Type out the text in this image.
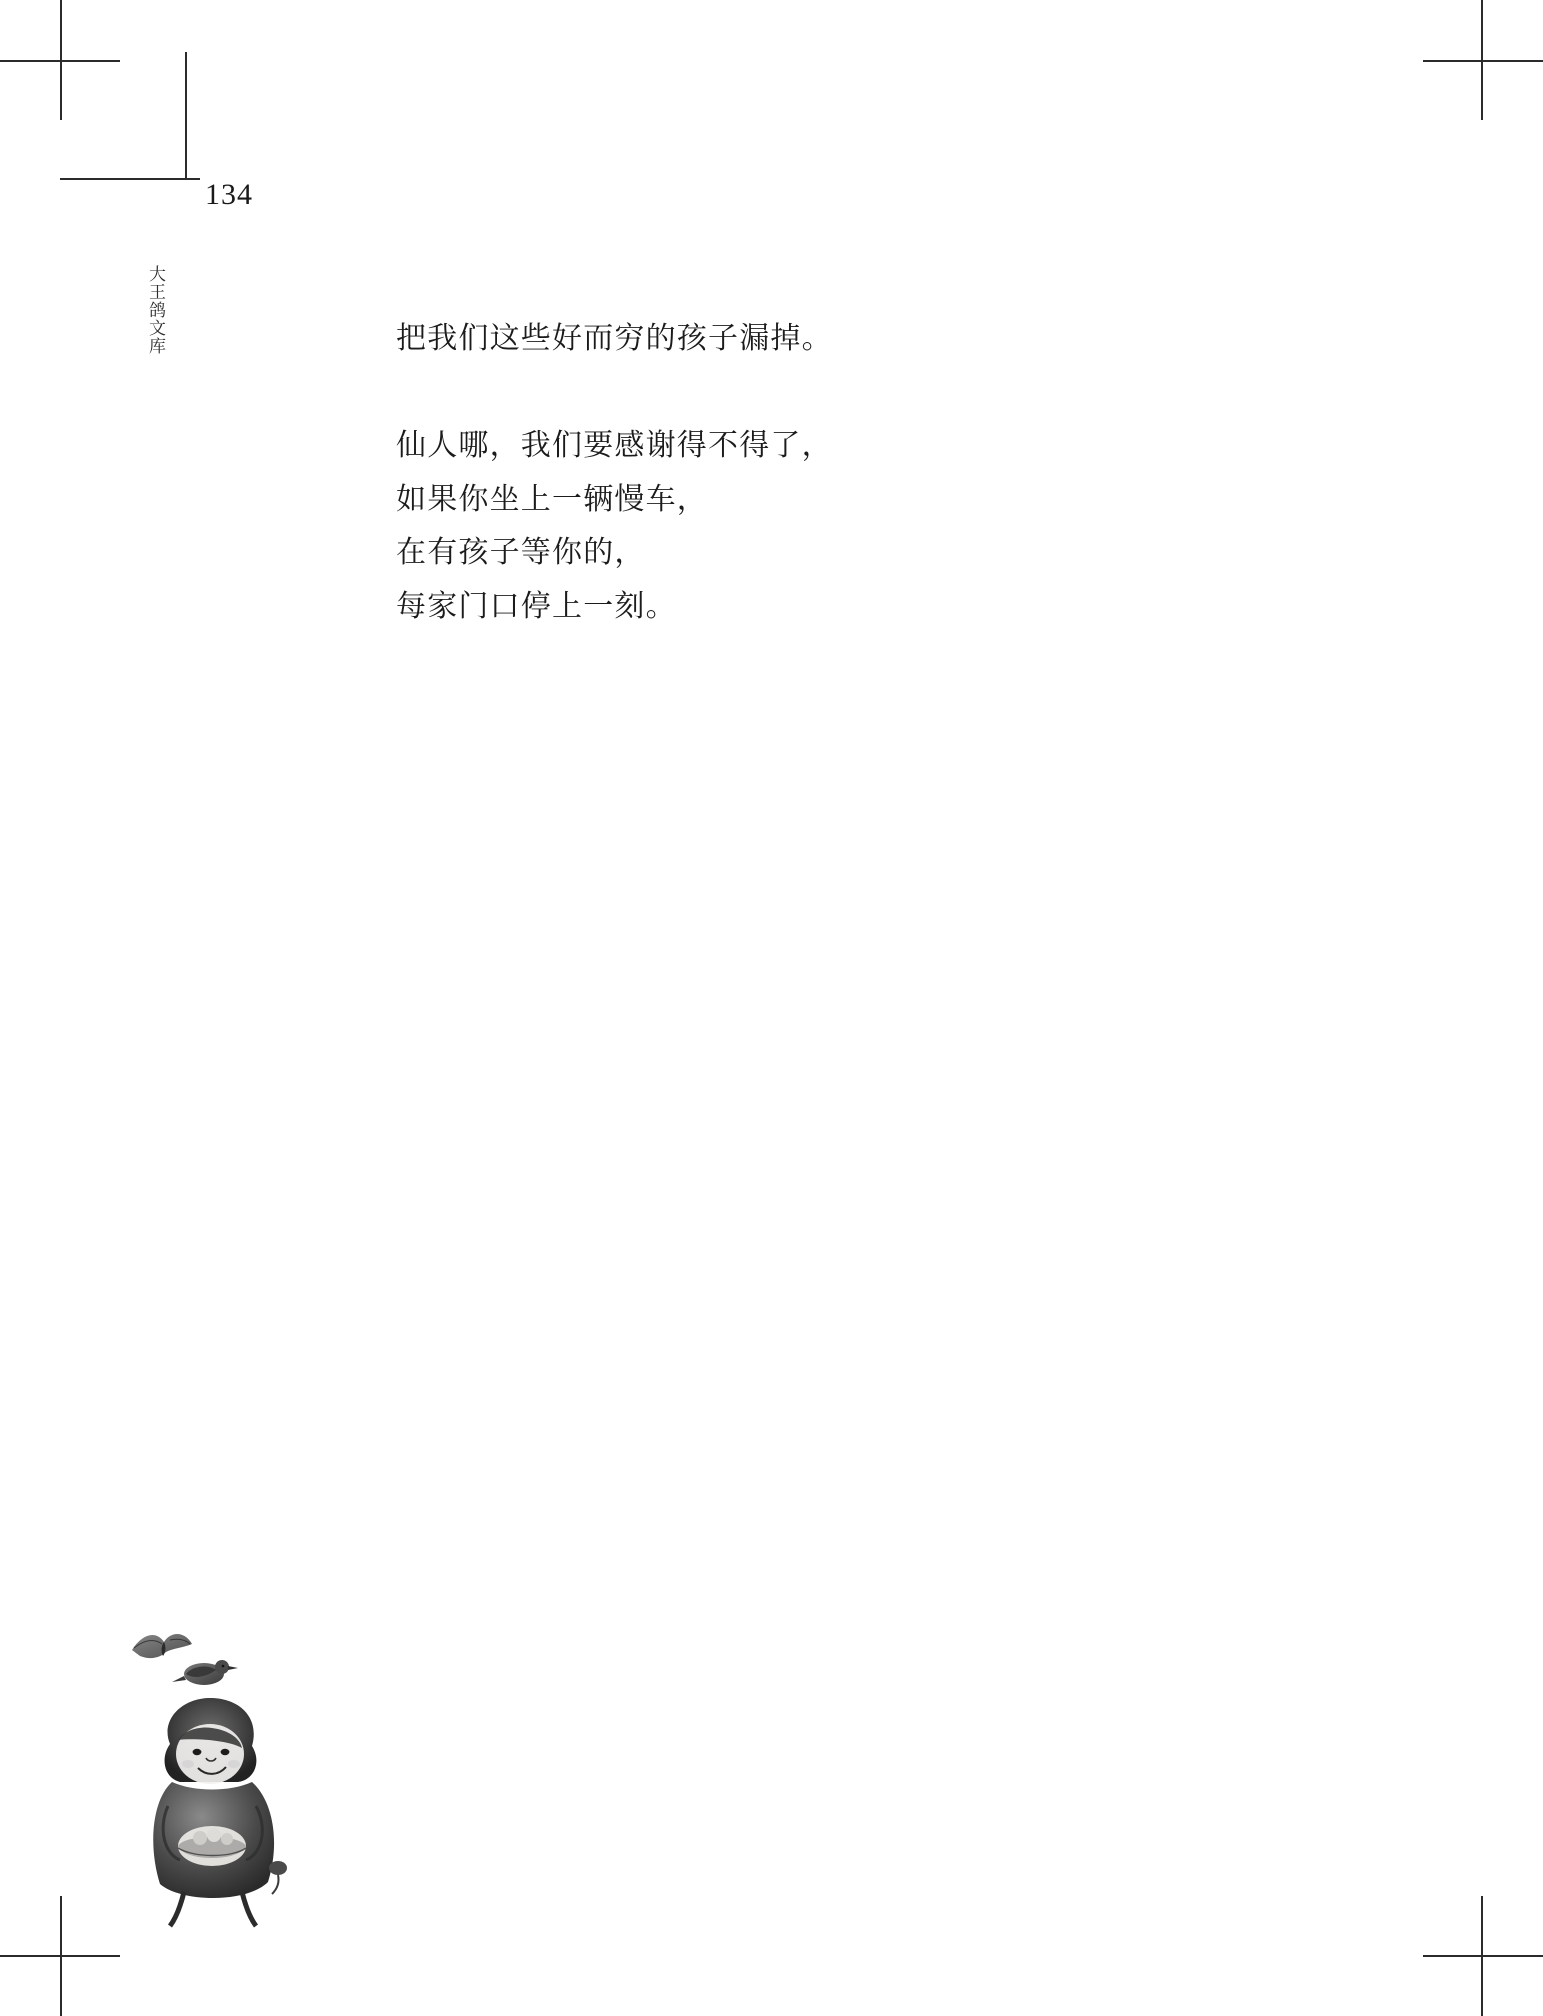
134
大王鸽文库	把我们这些好而穷的孩子漏掉。
仙人哪，我们要感谢得不得了，
如果你坐上一辆慢车，
在有孩子等你的，
每家门口停上一刻。
